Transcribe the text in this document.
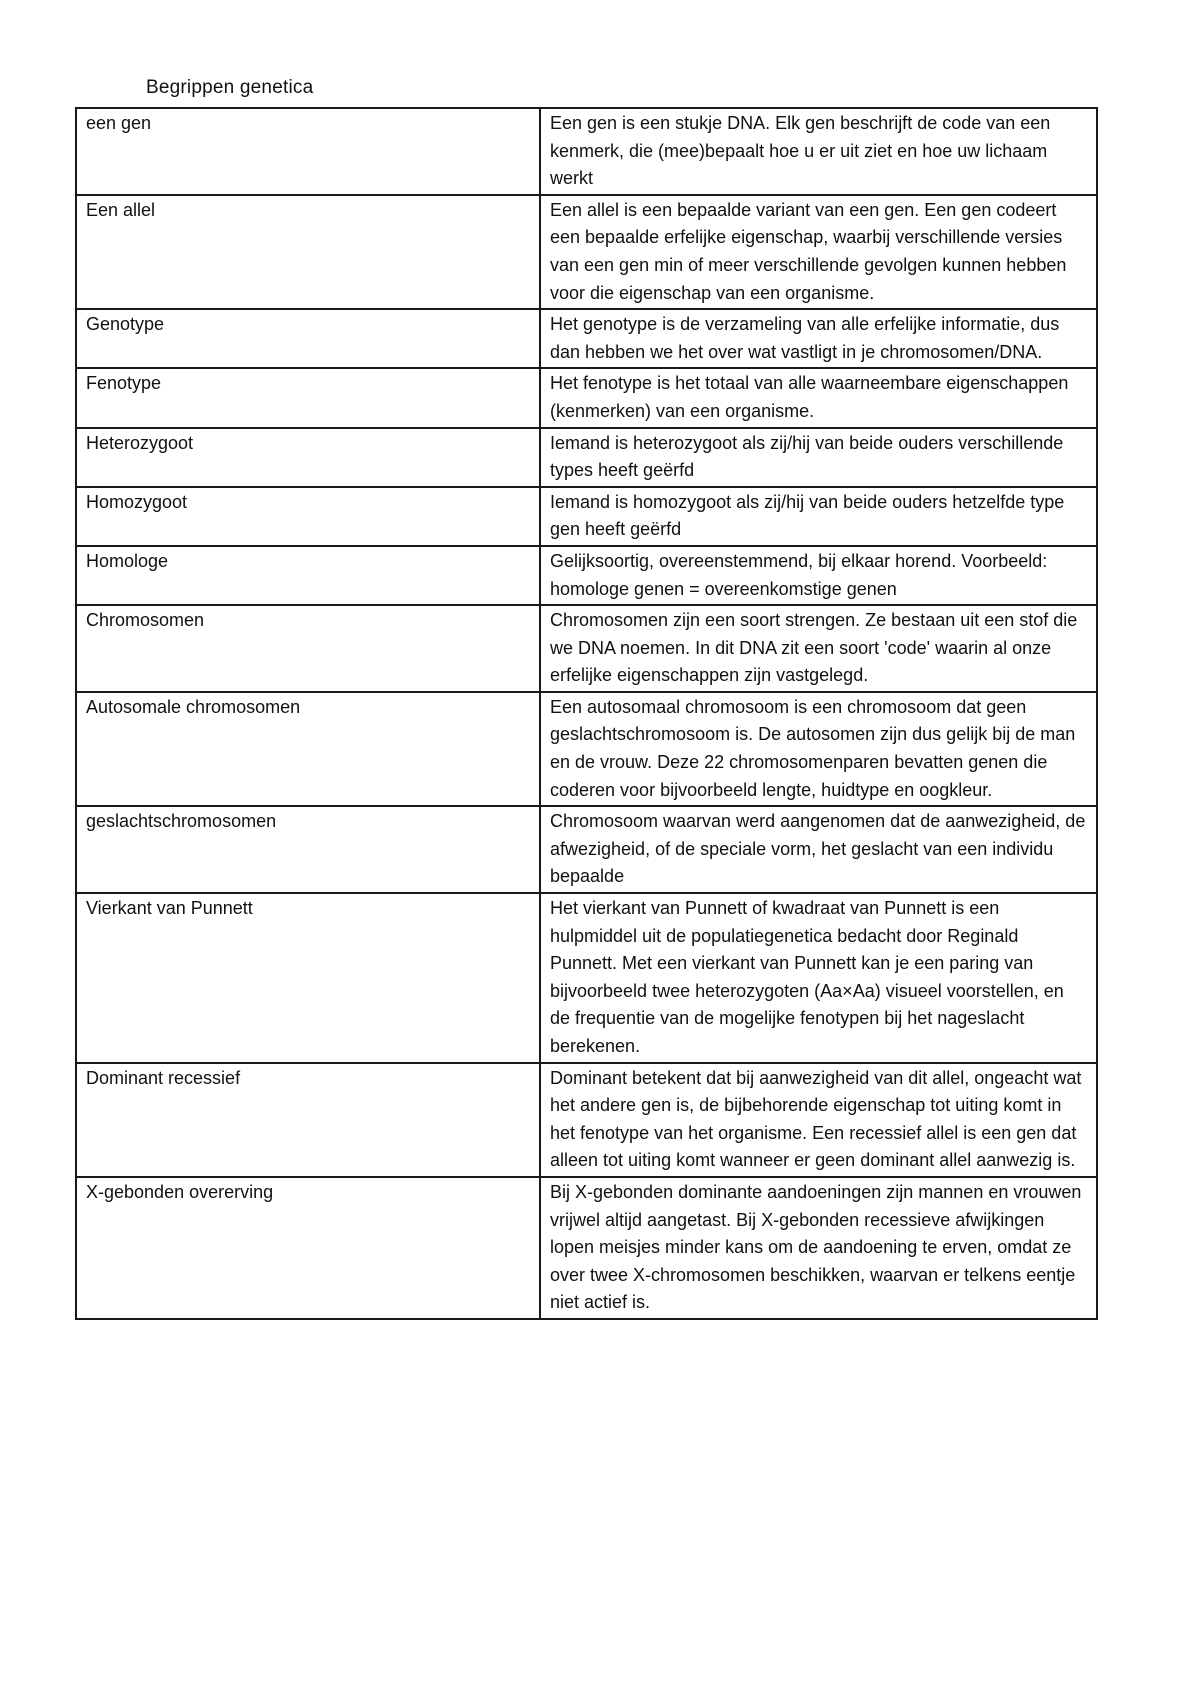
Begrippen genetica
een gen	Een gen is een stukje DNA. Elk gen beschrijft de code van een kenmerk, die (mee)bepaalt hoe u er uit ziet en hoe uw lichaam werkt
Een allel	Een allel is een bepaalde variant van een gen. Een gen codeert een bepaalde erfelijke eigenschap, waarbij verschillende versies van een gen min of meer verschillende gevolgen kunnen hebben voor die eigenschap van een organisme.
Genotype	Het genotype is de verzameling van alle erfelijke informatie, dus dan hebben we het over wat vastligt in je chromosomen/DNA.
Fenotype	Het fenotype is het totaal van alle waarneembare eigenschappen (kenmerken) van een organisme.
Heterozygoot	Iemand is heterozygoot als zij/hij van beide ouders verschillende types heeft geërfd
Homozygoot	Iemand is homozygoot als zij/hij van beide ouders hetzelfde type gen heeft geërfd
Homologe	Gelijksoortig, overeenstemmend, bij elkaar horend. Voorbeeld: homologe genen = overeenkomstige genen
Chromosomen	Chromosomen zijn een soort strengen. Ze bestaan uit een stof die we DNA noemen. In dit DNA zit een soort 'code' waarin al onze erfelijke eigenschappen zijn vastgelegd.
Autosomale chromosomen	Een autosomaal chromosoom is een chromosoom dat geen geslachtschromosoom is. De autosomen zijn dus gelijk bij de man en de vrouw. Deze 22 chromosomenparen bevatten genen die coderen voor bijvoorbeeld lengte, huidtype en oogkleur.
geslachtschromosomen	Chromosoom waarvan werd aangenomen dat de aanwezigheid, de afwezigheid, of de speciale vorm, het geslacht van een individu bepaalde
Vierkant van Punnett	Het vierkant van Punnett of kwadraat van Punnett is een hulpmiddel uit de populatiegenetica bedacht door Reginald Punnett. Met een vierkant van Punnett kan je een paring van bijvoorbeeld twee heterozygoten (Aa×Aa) visueel voorstellen, en de frequentie van de mogelijke fenotypen bij het nageslacht berekenen.
Dominant recessief	Dominant betekent dat bij aanwezigheid van dit allel, ongeacht wat het andere gen is, de bijbehorende eigenschap tot uiting komt in het fenotype van het organisme. Een recessief allel is een gen dat alleen tot uiting komt wanneer er geen dominant allel aanwezig is.
X-gebonden overerving	Bij X-gebonden dominante aandoeningen zijn mannen en vrouwen vrijwel altijd aangetast. Bij X-gebonden recessieve afwijkingen lopen meisjes minder kans om de aandoening te erven, omdat ze over twee X-chromosomen beschikken, waarvan er telkens eentje niet actief is.
